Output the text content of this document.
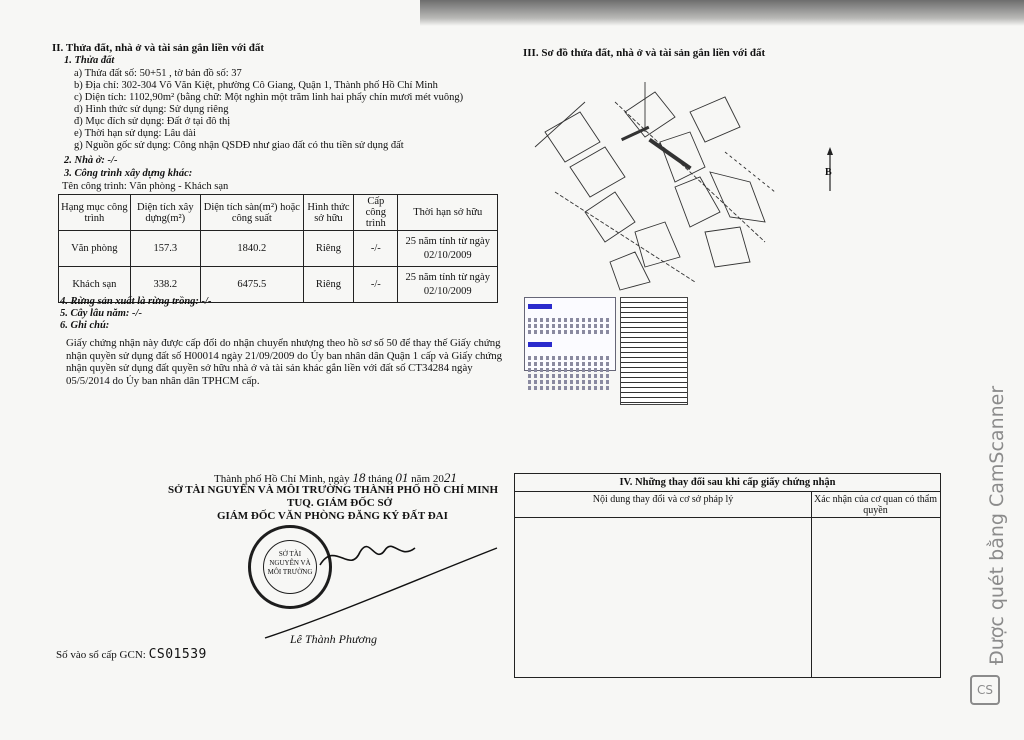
II. Thửa đất, nhà ở và tài sản gắn liền với đất
1. Thửa đất
a) Thửa đất số: 50+51 , tờ bản đồ số: 37
b) Địa chỉ: 302-304 Võ Văn Kiệt, phường Cô Giang, Quận 1, Thành phố Hồ Chí Minh
c) Diện tích: 1102,90m² (bằng chữ: Một nghìn một trăm linh hai phẩy chín mươi mét vuông)
d) Hình thức sử dụng: Sử dụng riêng
đ) Mục đích sử dụng: Đất ở tại đô thị
e) Thời hạn sử dụng: Lâu dài
g) Nguồn gốc sử dụng: Công nhận QSDĐ như giao đất có thu tiền sử dụng đất
2. Nhà ở: -/-
3. Công trình xây dựng khác:
Tên công trình: Văn phòng - Khách sạn
Hạng mục công trình	Diện tích xây dựng(m²)	Diện tích sàn(m²) hoặc công suất	Hình thức sở hữu	Cấp công trình	Thời hạn sở hữu
Văn phòng	157.3	1840.2	Riêng	-/-	25 năm tính từ ngày 02/10/2009
Khách sạn	338.2	6475.5	Riêng	-/-	25 năm tính từ ngày 02/10/2009
4. Rừng sản xuất là rừng trồng: -/-
5. Cây lâu năm: -/-
6. Ghi chú:
Giấy chứng nhận này được cấp đổi do nhận chuyển nhượng theo hồ sơ số 50 để thay thế Giấy chứng nhận quyền sử dụng đất số H00014 ngày 21/09/2009 do Ủy ban nhân dân Quận 1 cấp và Giấy chứng nhận quyền sử dụng đất quyền sở hữu nhà ở và tài sản khác gắn liền với đất số CT34284 ngày 05/5/2014 do Ủy ban nhân dân TPHCM cấp.
III. Sơ đồ thửa đất, nhà ở và tài sản gắn liền với đất
B
Thành phố Hồ Chí Minh, ngày 18 tháng 01 năm 2021
SỞ TÀI NGUYÊN VÀ MÔI TRƯỜNG THÀNH PHỐ HỒ CHÍ MINH
TUQ. GIÁM ĐỐC SỞ
GIÁM ĐỐC VĂN PHÒNG ĐĂNG KÝ ĐẤT ĐAI
SỞ TÀI NGUYÊN VÀ MÔI TRƯỜNG
Lê Thành Phương
Số vào sổ cấp GCN: CS01539
IV. Những thay đổi sau khi cấp giấy chứng nhận
Nội dung thay đổi và cơ sở pháp lý	Xác nhận của cơ quan có thẩm quyền	Được quét bằng CamScanner
CS
